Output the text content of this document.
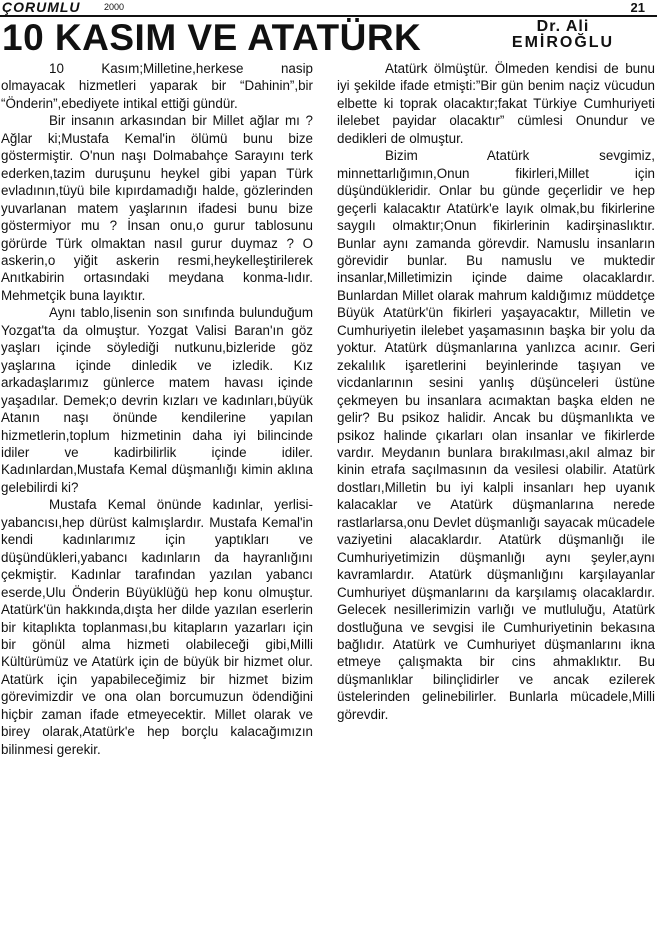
ÇORUMLU	2000	21
10 KASIM VE ATATÜRK	Dr. Ali
EMİROĞLU

10 Kasım;Milletine,herkese nasip olmayacak hizmetleri yaparak bir “Dahinin”,bir “Önderin”,ebediyete intikal ettiği gündür.

Bir insanın arkasından bir Millet ağlar mı ? Ağlar ki;Mustafa Kemal'in ölümü bunu bize göstermiştir. O'nun naşı Dolmabahçe Sarayını terk ederken,tazim duruşunu heykel gibi yapan Türk evladının,tüyü bile kıpırdamadığı halde, gözlerinden yuvarlanan matem yaşlarının ifadesi bunu bize göstermiyor mu ? İnsan onu,o gurur tablosunu görürde Türk olmaktan nasıl gurur duymaz ? O askerin,o yiğit askerin resmi,heykelleştirilerek Anıtkabirin ortasındaki meydana konma-lıdır. Mehmetçik buna layıktır.

Aynı tablo,lisenin son sınıfında bulunduğum Yozgat'ta da olmuştur. Yozgat Valisi Baran'ın göz yaşları içinde söylediği nutkunu,bizleride göz yaşlarına içinde dinledik ve izledik. Kız arkadaşlarımız günlerce matem havası içinde yaşadılar. Demek;o devrin kızları ve kadınları,büyük Atanın naşı önünde kendilerine yapılan hizmetlerin,toplum hizmetinin daha iyi bilincinde idiler ve kadirbilirlik içinde idiler. Kadınlardan,Mustafa Kemal düşmanlığı kimin aklına gelebilirdi ki?

Mustafa Kemal önünde kadınlar, yerlisi-yabancısı,hep dürüst kalmışlardır. Mustafa Kemal'in kendi kadınlarımız için yaptıkları ve düşündükleri,yabancı kadınların da hayranlığını çekmiştir. Kadınlar tarafından yazılan yabancı eserde,Ulu Önderin Büyüklüğü hep konu olmuştur. Atatürk'ün hakkında,dışta her dilde yazılan eserlerin bir kitaplıkta toplanması,bu kitapların yazarları için bir gönül alma hizmeti olabileceği gibi,Milli Kültürümüz ve Atatürk için de büyük bir hizmet olur. Atatürk için yapabileceğimiz bir hizmet bizim görevimizdir ve ona olan borcumuzun ödendiğini hiçbir zaman ifade etmeyecektir. Millet olarak ve birey olarak,Atatürk'e hep borçlu kalacağımızın bilinmesi gerekir.

Atatürk ölmüştür. Ölmeden kendisi de bunu iyi şekilde ifade etmişti:”Bir gün benim naçiz vücudun elbette ki toprak olacaktır;fakat Türkiye Cumhuriyeti ilelebet payidar olacaktır” cümlesi Onundur ve dedikleri de olmuştur.

Bizim Atatürk sevgimiz, minnettarlığımın,Onun fikirleri,Millet için düşündükleridir. Onlar bu günde geçerlidir ve hep geçerli kalacaktır Atatürk'e layık olmak,bu fikirlerine saygılı olmaktır;Onun fikirlerinin kadirşinaslıktır. Bunlar aynı zamanda görevdir. Namuslu insanların görevidir bunlar. Bu namuslu ve muktedir insanlar,Milletimizin içinde daime olacaklardır. Bunlardan Millet olarak mahrum kaldığımız müddetçe Büyük Atatürk'ün fikirleri yaşayacaktır, Milletin ve Cumhuriyetin ilelebet yaşamasının başka bir yolu da yoktur. Atatürk düşmanlarına yanlızca acınır. Geri zekalılık işaretlerini beyinlerinde taşıyan ve vicdanlarının sesini yanlış düşünceleri üstüne çekmeyen bu insanlara acımaktan başka elden ne gelir? Bu psikoz halidir. Ancak bu düşmanlıkta ve psikoz halinde çıkarları olan insanlar ve fikirlerde vardır. Meydanın bunlara bırakılması,akıl almaz bir kinin etrafa saçılmasının da vesilesi olabilir. Atatürk dostları,Milletin bu iyi kalpli insanları hep uyanık kalacaklar ve Atatürk düşmanlarına nerede rastlarlarsa,onu Devlet düşmanlığı sayacak mücadele vaziyetini alacaklardır. Atatürk düşmanlığı ile Cumhuriyetimizin düşmanlığı aynı şeyler,aynı kavramlardır. Atatürk düşmanlığını karşılayanlar Cumhuriyet düşmanlarını da karşılamış olacaklardır. Gelecek nesillerimizin varlığı ve mutluluğu, Atatürk dostluğuna ve sevgisi ile Cumhuriyetinin bekasına bağlıdır. Atatürk ve Cumhuriyet düşmanlarını ikna etmeye çalışmakta bir cins ahmaklıktır. Bu düşmanlıklar bilinçlidirler ve ancak ezilerek üstelerinden gelinebilirler. Bunlarla mücadele,Milli görevdir.
